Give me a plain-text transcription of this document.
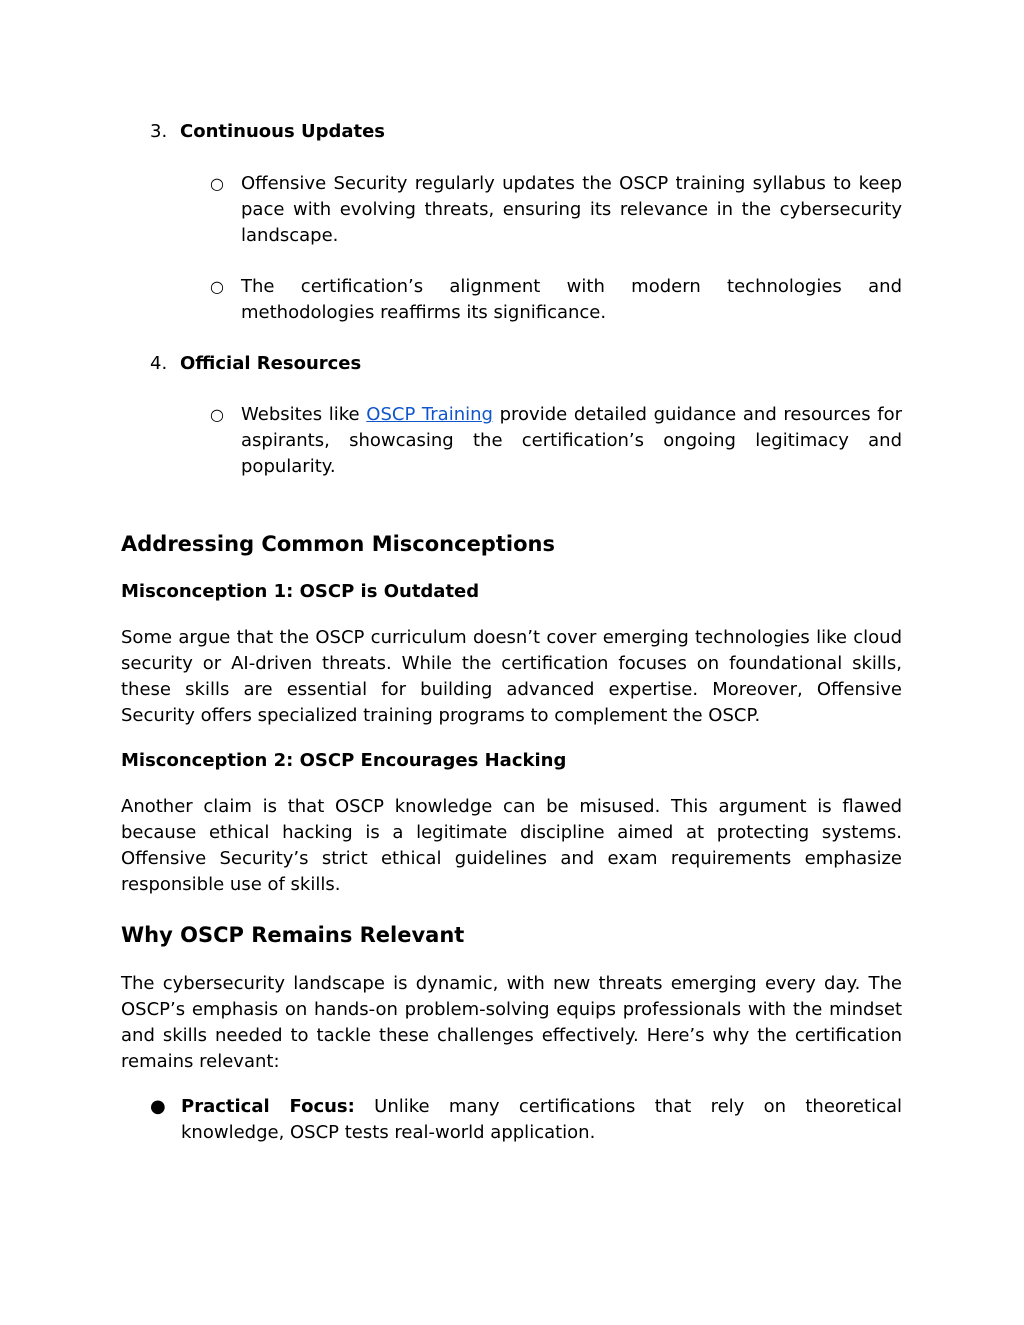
3. Continuous Updates
○ Offensive Security regularly updates the OSCP training syllabus to keep pace with evolving threats, ensuring its relevance in the cybersecurity landscape.
○ The certification’s alignment with modern technologies and methodologies reaffirms its significance.
4. Official Resources
○ Websites like OSCP Training provide detailed guidance and resources for aspirants, showcasing the certification’s ongoing legitimacy and popularity.
Addressing Common Misconceptions
Misconception 1: OSCP is Outdated

Some argue that the OSCP curriculum doesn’t cover emerging technologies like cloud security or AI-driven threats. While the certification focuses on foundational skills, these skills are essential for building advanced expertise. Moreover, Offensive Security offers specialized training programs to complement the OSCP.

Misconception 2: OSCP Encourages Hacking

Another claim is that OSCP knowledge can be misused. This argument is flawed because ethical hacking is a legitimate discipline aimed at protecting systems. Offensive Security’s strict ethical guidelines and exam requirements emphasize responsible use of skills.

Why OSCP Remains Relevant

The cybersecurity landscape is dynamic, with new threats emerging every day. The OSCP’s emphasis on hands-on problem-solving equips professionals with the mindset and skills needed to tackle these challenges effectively. Here’s why the certification remains relevant:

● Practical Focus: Unlike many certifications that rely on theoretical knowledge, OSCP tests real-world application.
